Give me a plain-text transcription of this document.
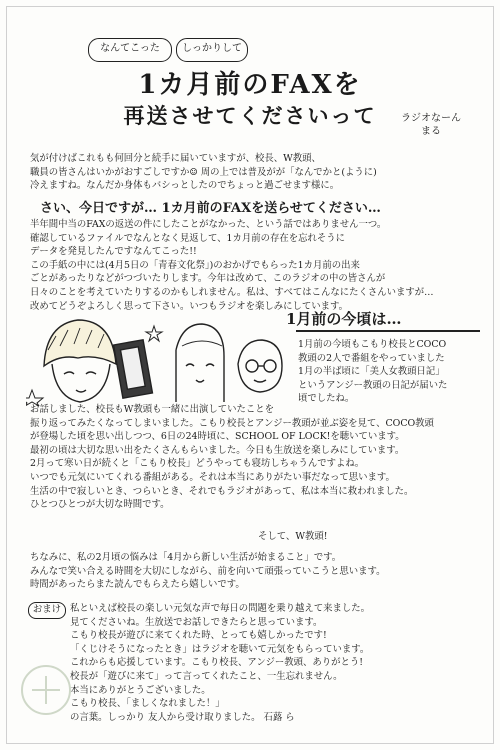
なんてこった	しっかりして
1カ月前のFAXを
再送させてくださいって	ラジオなーん
まる
気が付けばこれもも何回分と続手に届いていますが、校長、W教頭、
職員の皆さんはいかがおすごしですか☺ 周の上では普及がが「なんでかと(ように)
冷えますね。なんだか身体もバシっとしたのでちょっと過ごせます様に。
さい、今日ですが… 1カ月前のFAXを送らせてください…
半年間中当のFAXの返送の件にしたことがなかった、という話ではありません一つ。
確認しているファイルでなんとなく見返して、1カ月前の存在を忘れそうに
データを発見したんですなんてこった!!
この手紙の中には(4月5日の「青春文化祭」)のおかげでもらった1カ月前の出来
ごとがあったりなどがつづいたりします。今年は改めて、このラジオの中の皆さんが
日々のことを考えていたりするのかもしれません。私は、すべてはこんなにたくさんいますが…
改めてどうぞよろしく思って下さい。いつもラジオを楽しみにしています。
1月前の今頃は…
1月前の今頃もこもり校長とCOCO
教頭の2人で番組をやっていました
1月の半ば頃に「美人女教頭日記」
というアンジー教頭の日記が届いた
頃でしたね。
お話しました、校長もW教頭も一緒に出演していたことを
振り返ってみたくなってしまいました。こもり校長とアンジー教頭が並ぶ姿を見て、COCO教頭
が登場した頃を思い出しつつ、6日の24時頃に、SCHOOL OF LOCK!を聴いています。
最初の頃は大切な思い出をたくさんもらいました。今日も生放送を楽しみにしています。
2月って寒い日が続くと「こもり校長」どうやっても寝坊しちゃうんですよね。
いつでも元気にいてくれる番組がある。それは本当にありがたい事だなって思います。
生活の中で寂しいとき、つらいとき、それでもラジオがあって、私は本当に救われました。
ひとつひとつが大切な時間です。
そして、W教頭!
ちなみに、私の2月頃の悩みは「4月から新しい生活が始まること」です。
みんなで笑い合える時間を大切にしながら、前を向いて頑張っていこうと思います。
時間があったらまた読んでもらえたら嬉しいです。
おまけ 私といえば校長の楽しい元気な声で毎日の問題を乗り越えて来ました。
見てくださいね。生放送でお話しできたらと思っています。
こもり校長が遊びに来てくれた時、とっても嬉しかったです!
「くじけそうになったとき」はラジオを聴いて元気をもらっています。
これからも応援しています。こもり校長、アンジー教頭、ありがとう!
校長が「遊びに来て」って言ってくれたこと、一生忘れません。
本当にありがとうございました。
こもり校長、「ましくなれました！」
の言葉。しっかり 友人から受け取りました。 石蕗 ら
